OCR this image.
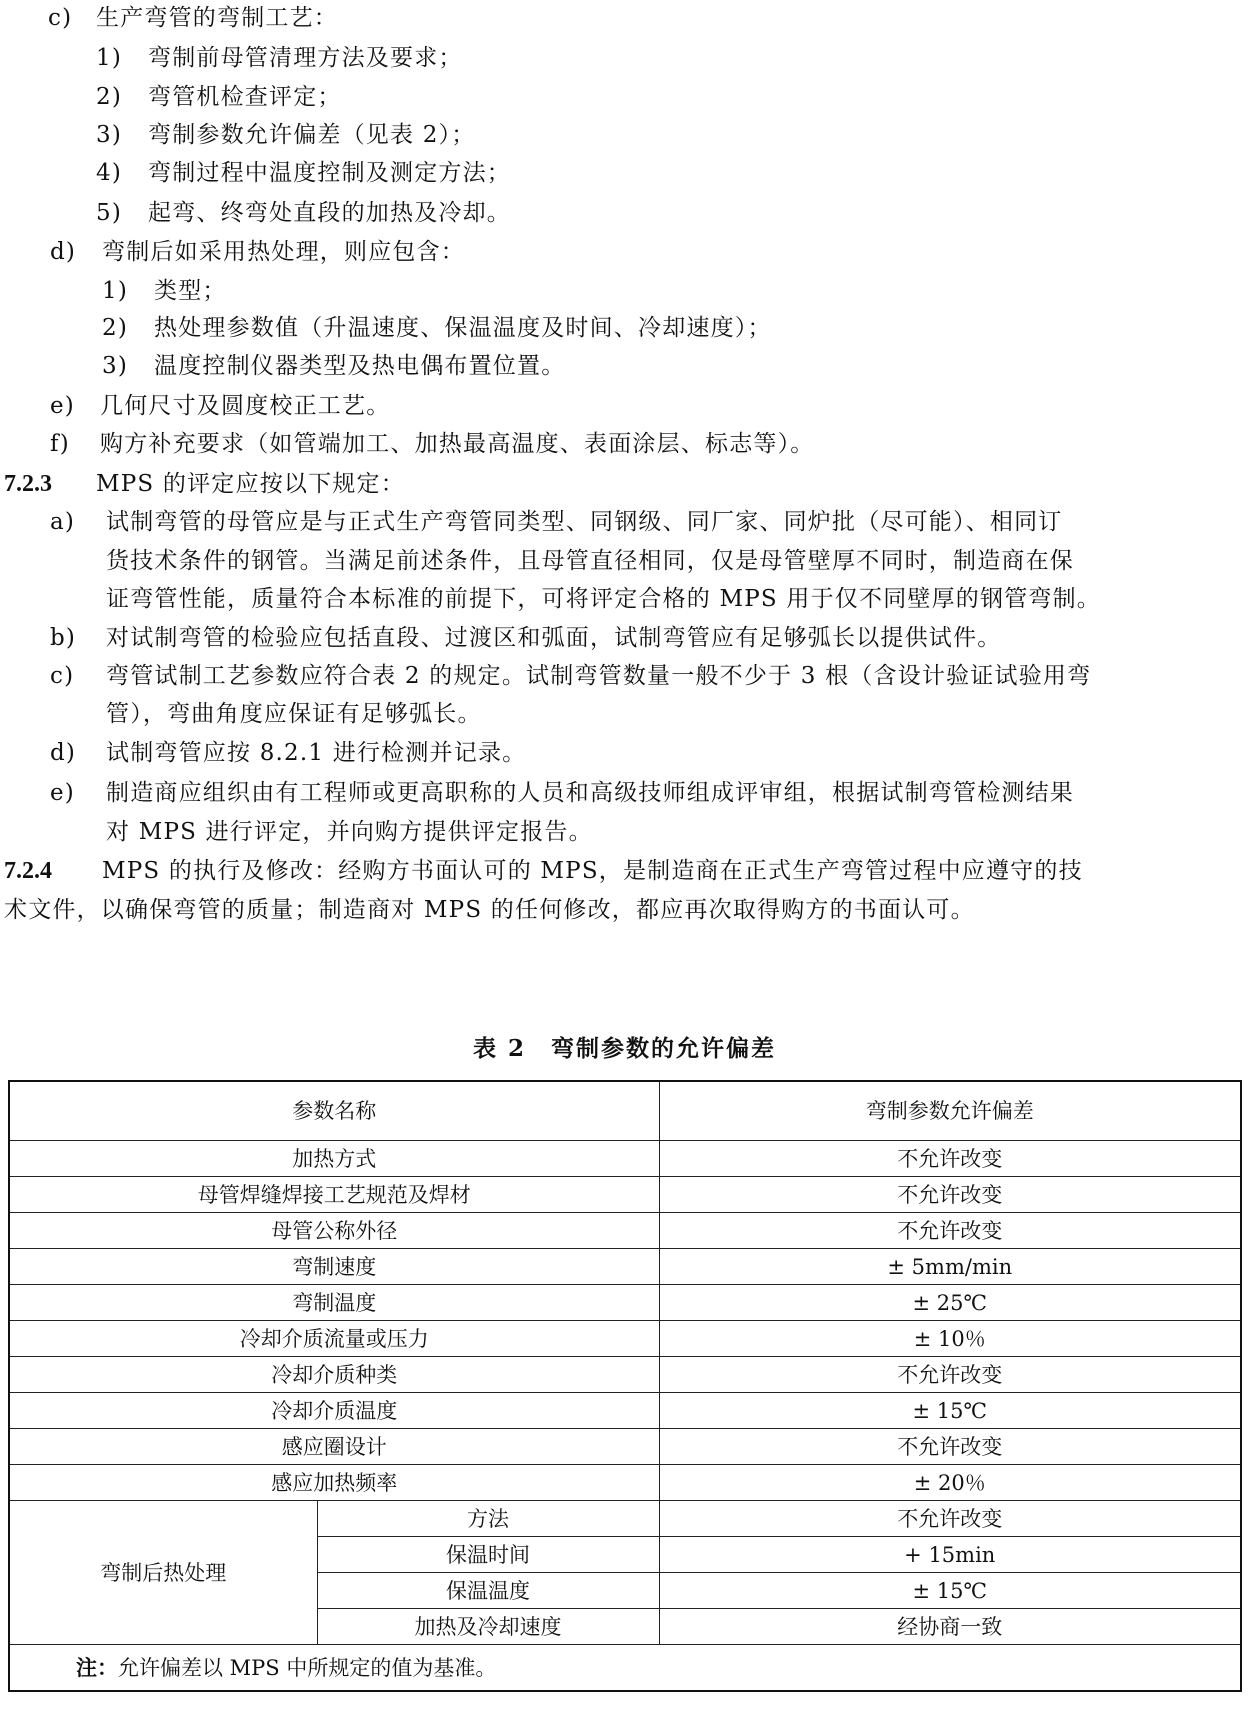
c) 生产弯管的弯制工艺：
1) 弯制前母管清理方法及要求；
2) 弯管机检查评定；
3) 弯制参数允许偏差（见表 2）；
4) 弯制过程中温度控制及测定方法；
5) 起弯、终弯处直段的加热及冷却。
d) 弯制后如采用热处理，则应包含：
1) 类型；
2) 热处理参数值（升温速度、保温温度及时间、冷却速度）；
3) 温度控制仪器类型及热电偶布置位置。
e) 几何尺寸及圆度校正工艺。
f) 购方补充要求（如管端加工、加热最高温度、表面涂层、标志等）。
7.2.3 MPS 的评定应按以下规定：
a) 试制弯管的母管应是与正式生产弯管同类型、同钢级、同厂家、同炉批（尽可能）、相同订
货技术条件的钢管。当满足前述条件，且母管直径相同，仅是母管壁厚不同时，制造商在保
证弯管性能，质量符合本标准的前提下，可将评定合格的 MPS 用于仅不同壁厚的钢管弯制。
b) 对试制弯管的检验应包括直段、过渡区和弧面，试制弯管应有足够弧长以提供试件。
c) 弯管试制工艺参数应符合表 2 的规定。试制弯管数量一般不少于 3 根（含设计验证试验用弯
管），弯曲角度应保证有足够弧长。
d) 试制弯管应按 8.2.1 进行检测并记录。
e) 制造商应组织由有工程师或更高职称的人员和高级技师组成评审组，根据试制弯管检测结果
对 MPS 进行评定，并向购方提供评定报告。
7.2.4 MPS 的执行及修改：经购方书面认可的 MPS，是制造商在正式生产弯管过程中应遵守的技
术文件，以确保弯管的质量；制造商对 MPS 的任何修改，都应再次取得购方的书面认可。
表 2　弯制参数的允许偏差
参数名称		弯制参数允许偏差
加热方式		不允许改变
母管焊缝焊接工艺规范及焊材		不允许改变
母管公称外径		不允许改变
弯制速度		± 5mm/min
弯制温度		± 25℃
冷却介质流量或压力		± 10％
冷却介质种类		不允许改变
冷却介质温度		± 15℃
感应圈设计		不允许改变
感应加热频率		± 20％
弯制后热处理	方法	不允许改变
	保温时间	+ 15min
	保温温度	± 15℃
	加热及冷却速度	经协商一致
注：允许偏差以 MPS 中所规定的值为基准。		
